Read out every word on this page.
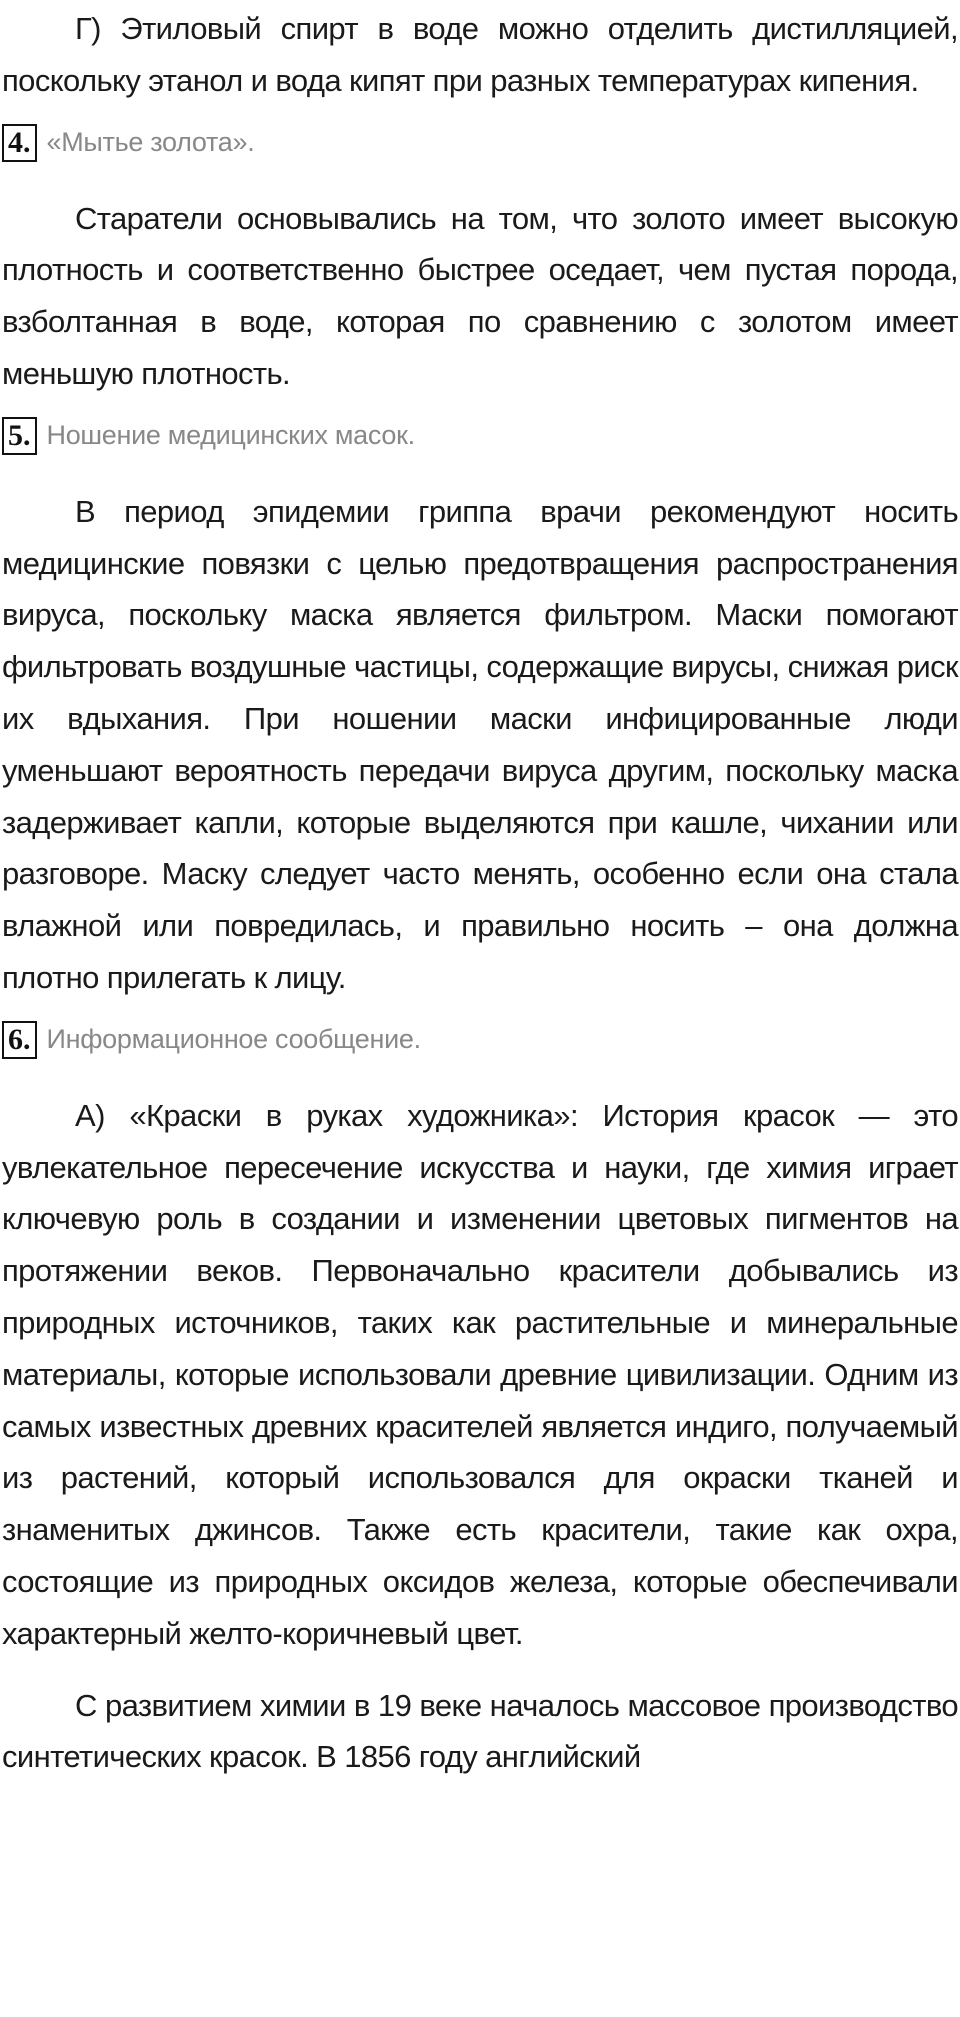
Г) Этиловый спирт в воде можно отделить дистилляцией, поскольку этанол и вода кипят при разных температурах кипения.

4. «Мытье золота».

Старатели основывались на том, что золото имеет высокую плотность и соответственно быстрее оседает, чем пустая порода, взболтанная в воде, которая по сравнению с золотом имеет меньшую плотность.

5. Ношение медицинских масок.

В период эпидемии гриппа врачи рекомендуют носить медицинские повязки с целью предотвращения распространения вируса, поскольку маска является фильтром. Маски помогают фильтровать воздушные частицы, содержащие вирусы, снижая риск их вдыхания. При ношении маски инфицированные люди уменьшают вероятность передачи вируса другим, поскольку маска задерживает капли, которые выделяются при кашле, чихании или разговоре. Маску следует часто менять, особенно если она стала влажной или повредилась, и правильно носить – она должна плотно прилегать к лицу.

6. Информационное сообщение.

А) «Краски в руках художника»: История красок — это увлекательное пересечение искусства и науки, где химия играет ключевую роль в создании и изменении цветовых пигментов на протяжении веков. Первоначально красители добывались из природных источников, таких как растительные и минеральные материалы, которые использовали древние цивилизации. Одним из самых известных древних красителей является индиго, получаемый из растений, который использовался для окраски тканей и знаменитых джинсов. Также есть красители, такие как охра, состоящие из природных оксидов железа, которые обеспечивали характерный желто-коричневый цвет.

С развитием химии в 19 веке началось массовое производство синтетических красок. В 1856 году английский
